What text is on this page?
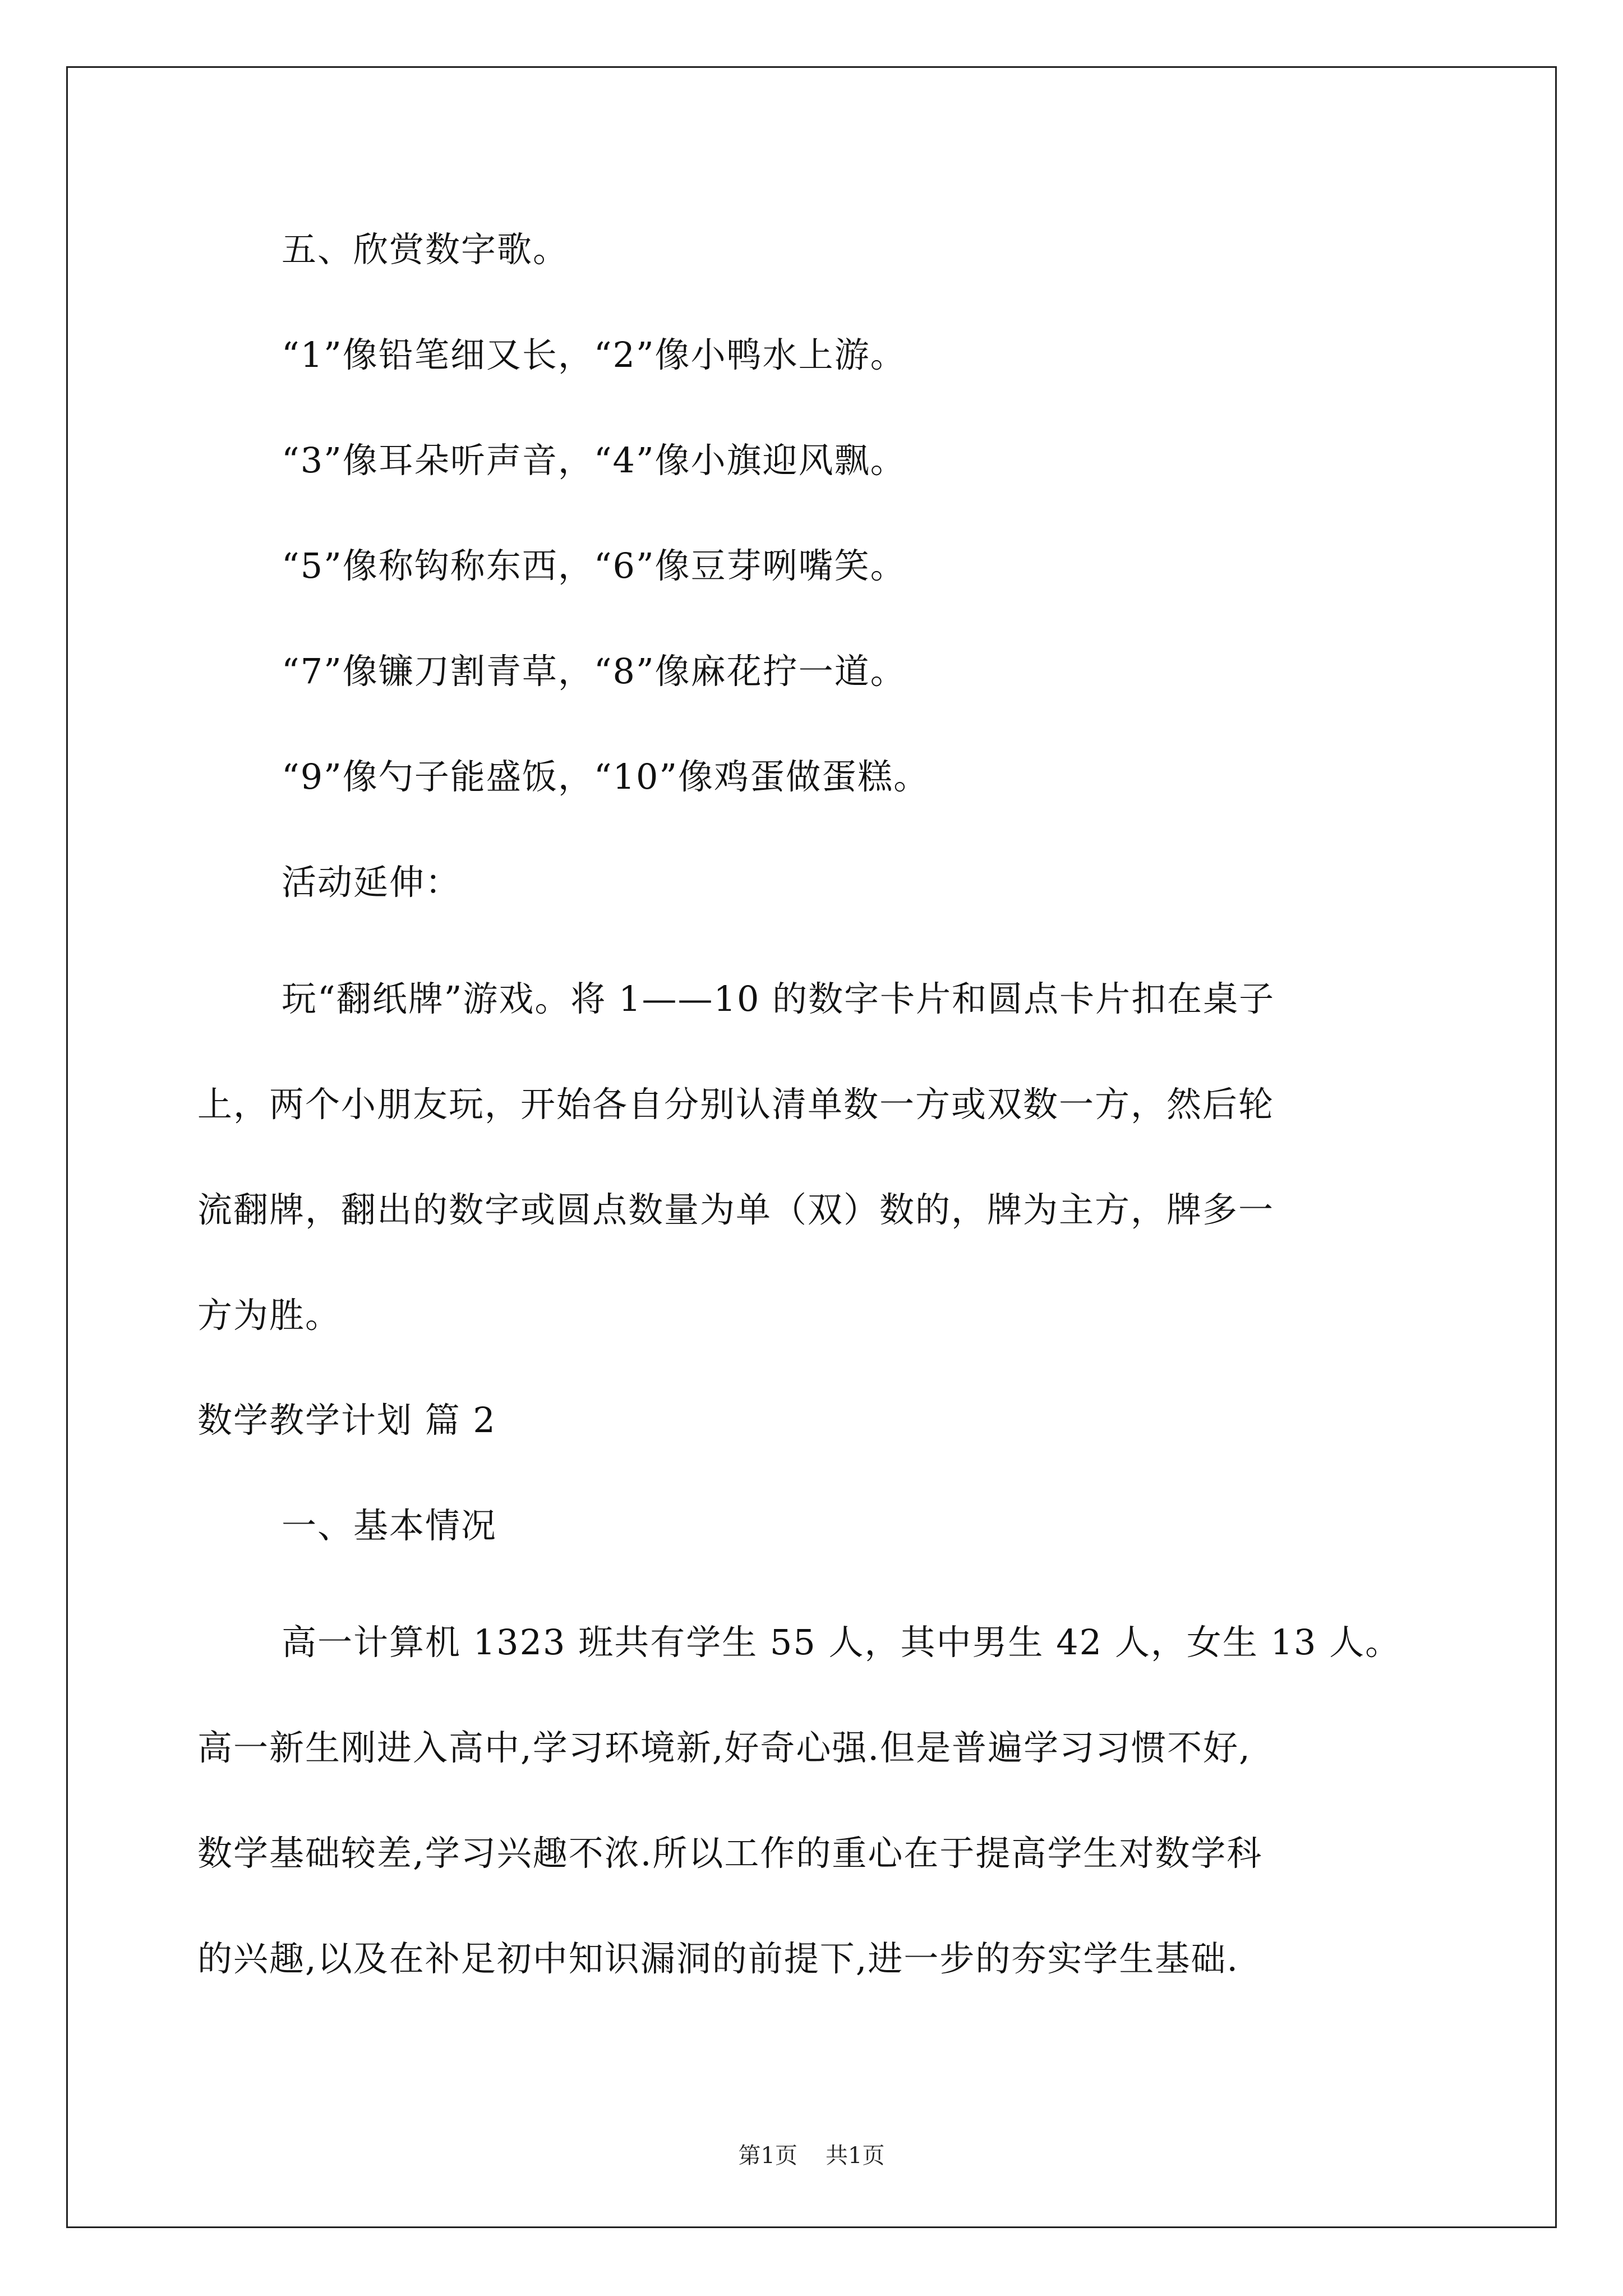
五、欣赏数字歌。
“1”像铅笔细又长，“2”像小鸭水上游。
“3”像耳朵听声音，“4”像小旗迎风飘。
“5”像称钩称东西，“6”像豆芽咧嘴笑。
“7”像镰刀割青草，“8”像麻花拧一道。
“9”像勺子能盛饭，“10”像鸡蛋做蛋糕。
活动延伸：
玩“翻纸牌”游戏。将 1——10 的数字卡片和圆点卡片扣在桌子
上，两个小朋友玩，开始各自分别认清单数一方或双数一方，然后轮
流翻牌，翻出的数字或圆点数量为单（双）数的，牌为主方，牌多一
方为胜。
数学教学计划 篇 2
一、基本情况
高一计算机 1323 班共有学生 55 人，其中男生 42 人，女生 13 人。
高一新生刚进入高中,学习环境新,好奇心强.但是普遍学习习惯不好,
数学基础较差,学习兴趣不浓.所以工作的重心在于提高学生对数学科
的兴趣,以及在补足初中知识漏洞的前提下,进一步的夯实学生基础.
第1页 共1页
